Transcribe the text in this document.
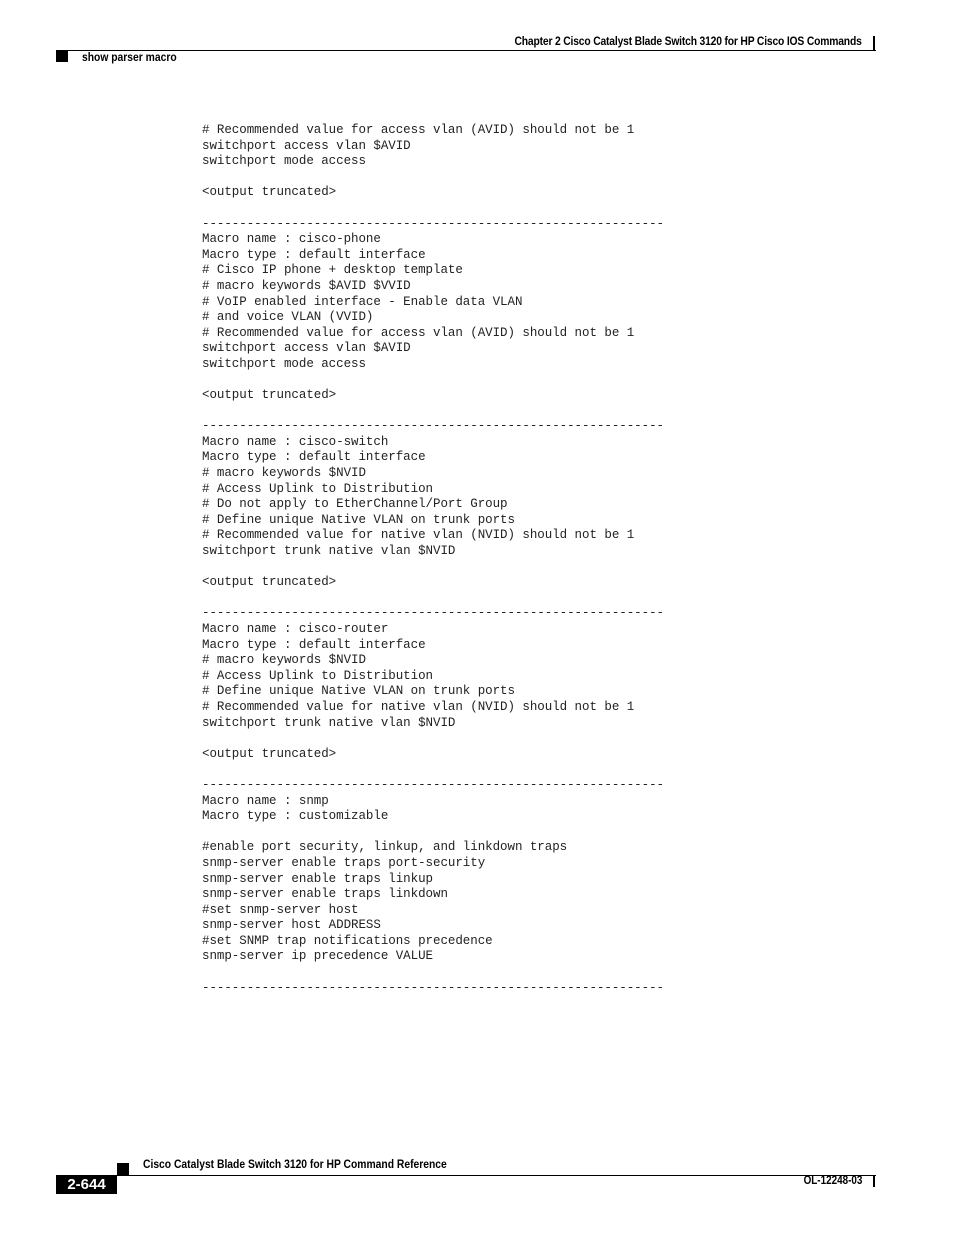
Chapter 2 Cisco Catalyst Blade Switch 3120 for HP Cisco IOS Commands
show parser macro
# Recommended value for access vlan (AVID) should not be 1
switchport access vlan $AVID
switchport mode access

<output truncated>

--------------------------------------------------------------
Macro name : cisco-phone
Macro type : default interface
# Cisco IP phone + desktop template
# macro keywords $AVID $VVID
# VoIP enabled interface - Enable data VLAN
# and voice VLAN (VVID)
# Recommended value for access vlan (AVID) should not be 1
switchport access vlan $AVID
switchport mode access

<output truncated>

--------------------------------------------------------------
Macro name : cisco-switch
Macro type : default interface
# macro keywords $NVID
# Access Uplink to Distribution
# Do not apply to EtherChannel/Port Group
# Define unique Native VLAN on trunk ports
# Recommended value for native vlan (NVID) should not be 1
switchport trunk native vlan $NVID

<output truncated>

--------------------------------------------------------------
Macro name : cisco-router
Macro type : default interface
# macro keywords $NVID
# Access Uplink to Distribution
# Define unique Native VLAN on trunk ports
# Recommended value for native vlan (NVID) should not be 1
switchport trunk native vlan $NVID

<output truncated>

--------------------------------------------------------------
Macro name : snmp
Macro type : customizable

#enable port security, linkup, and linkdown traps
snmp-server enable traps port-security
snmp-server enable traps linkup
snmp-server enable traps linkdown
#set snmp-server host
snmp-server host ADDRESS
#set SNMP trap notifications precedence
snmp-server ip precedence VALUE

--------------------------------------------------------------

Cisco Catalyst Blade Switch 3120 for HP Command Reference
2-644	OL-12248-03
